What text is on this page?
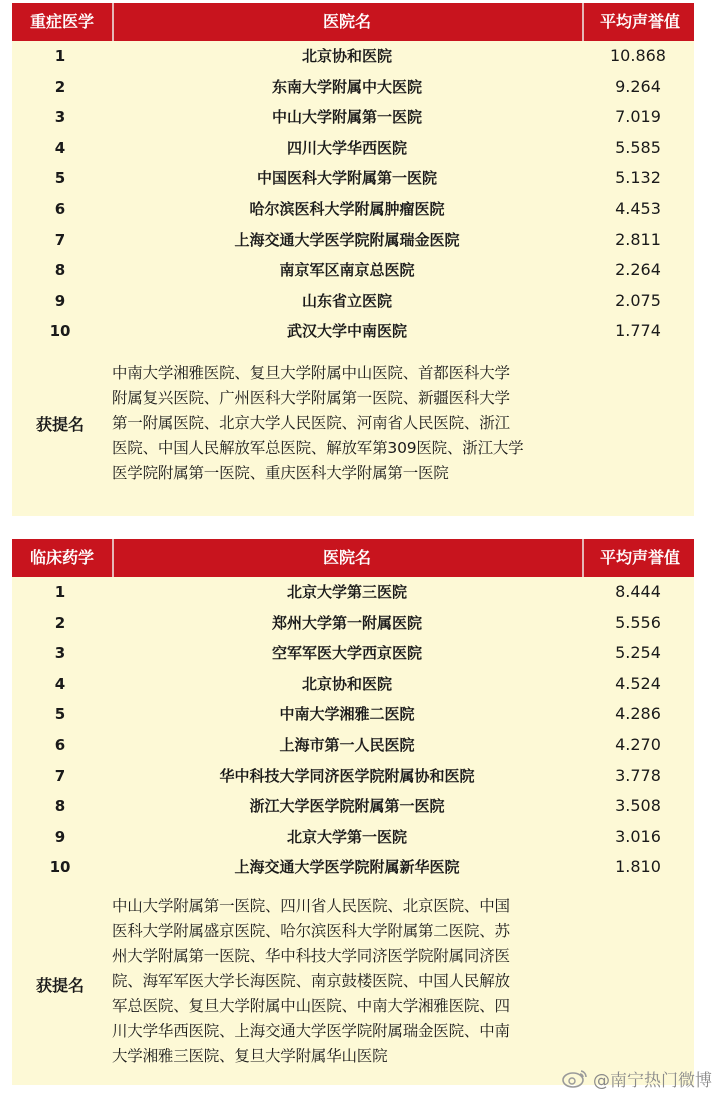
重症医学	医院名	平均声誉值
1	北京协和医院	10.868
2	东南大学附属中大医院	9.264
3	中山大学附属第一医院	7.019
4	四川大学华西医院	5.585
5	中国医科大学附属第一医院	5.132
6	哈尔滨医科大学附属肿瘤医院	4.453
7	上海交通大学医学院附属瑞金医院	2.811
8	南京军区南京总医院	2.264
9	山东省立医院	2.075
10	武汉大学中南医院	1.774
获提名
中南大学湘雅医院、复旦大学附属中山医院、首都医科大学
附属复兴医院、广州医科大学附属第一医院、新疆医科大学
第一附属医院、北京大学人民医院、河南省人民医院、浙江
医院、中国人民解放军总医院、解放军第309医院、浙江大学
医学院附属第一医院、重庆医科大学附属第一医院
临床药学	医院名	平均声誉值
1	北京大学第三医院	8.444
2	郑州大学第一附属医院	5.556
3	空军军医大学西京医院	5.254
4	北京协和医院	4.524
5	中南大学湘雅二医院	4.286
6	上海市第一人民医院	4.270
7	华中科技大学同济医学院附属协和医院	3.778
8	浙江大学医学院附属第一医院	3.508
9	北京大学第一医院	3.016
10	上海交通大学医学院附属新华医院	1.810
获提名
中山大学附属第一医院、四川省人民医院、北京医院、中国
医科大学附属盛京医院、哈尔滨医科大学附属第二医院、苏
州大学附属第一医院、华中科技大学同济医学院附属同济医
院、海军军医大学长海医院、南京鼓楼医院、中国人民解放
军总医院、复旦大学附属中山医院、中南大学湘雅医院、四
川大学华西医院、上海交通大学医学院附属瑞金医院、中南
大学湘雅三医院、复旦大学附属华山医院
@南宁热门微博
